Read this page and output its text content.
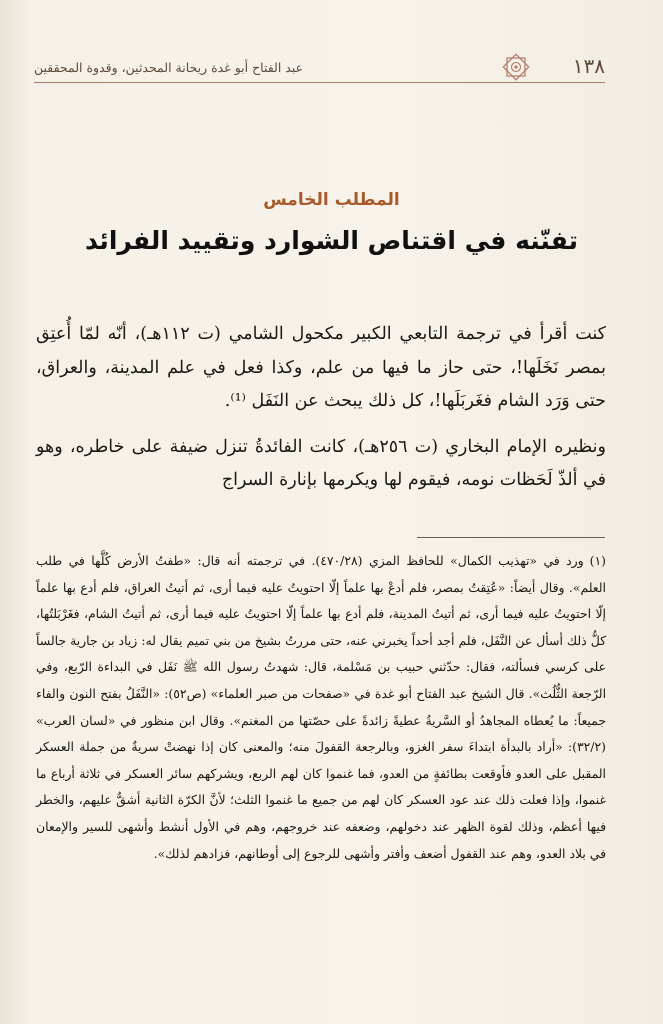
١٣٨
عبد الفتاح أبو غدة ريحانة المحدثين، وقدوة المحققين
المطلب الخامس
تفنّنه في اقتناص الشوارد وتقييد الفرائد

كنت أقرأ في ترجمة التابعي الكبير مكحول الشامي (ت ١١٢هـ)، أنّه لمّا أُعتِق بمصر نَخَلَها!، حتى حاز ما فيها من علم، وكذا فعل في علم المدينة، والعراق، حتى وَرَد الشام فغَربَلَها!، كل ذلك يبحث عن النَفَل ⁽¹⁾.

ونظيره الإمام البخاري (ت ٢٥٦هـ)، كانت الفائدةُ تنزل ضيفة على خاطره، وهو في ألذّ لَحَظات نومه، فيقوم لها ويكرمها بإنارة السراج

(١)ورد في «تهذيب الكمال» للحافظ المزي (٤٧٠/٢٨). في ترجمته أنه قال: «طفتُ الأرض كُلَّها في طلب العلم». وقال أيضاً: «عُتِقتُ بمصر، فلم أدعْ بها علماً إلّا احتويتُ عليه فيما أرى، ثم أتيتُ العراق، فلم أدع بها علماً إلّا احتويتُ عليه فيما أرى، ثم أتيتُ المدينة، فلم أدع بها علماً إلّا احتويتُ عليه فيما أرى، ثم أتيتُ الشام، فغَرْبَلتُها، كلُّ ذلك أسأل عن النَّفَل، فلم أجد أحداً يخبرني عنه، حتى مررتُ بشيخ من بني تميم يقال له: زياد بن جارية جالساً على كرسي فسألته، فقال: حدّثني حبيب بن مَسْلمة، قال: شهدتُ رسول الله ﷺ نَفَل في البداءة الرّبع، وفي الرّجعة الثُّلُث». قال الشيخ عبد الفتاح أبو غدة في «صفحات من صبر العلماء» (ص٥٢): «النَّفَلُ بفتح النون والفاء جميعاً: ما يُعطاه المجاهدُ أو السَّريةُ عطيةً زائدةً على حصّتها من المغنم». وقال ابن منظور في «لسان العرب» (٣٢/٢): «أراد بالبدأة ابتداءَ سفر الغزو، وبالرجعة القفولَ منه؛ والمعنى كان إذا نهضتْ سريةٌ من جملة العسكر المقبل على العدو فأوقعت بطائفةٍ من العدو، فما غنموا كان لهم الربع، ويشركهم سائر العسكر في ثلاثة أرباع ما غنموا، وإذا فعلت ذلك عند عود العسكر كان لهم من جميع ما غنموا الثلث؛ لأنَّ الكرّة الثانية أشقُّ عليهم، والخطر فيها أعظم، وذلك لقوة الظهر عند دخولهم، وضعفه عند خروجهم، وهم في الأول أنشط وأشهى للسير والإمعان في بلاد العدو، وهم عند القفول أضعف وأفتر وأشهى للرجوع إلى أوطانهم، فزادهم لذلك».
